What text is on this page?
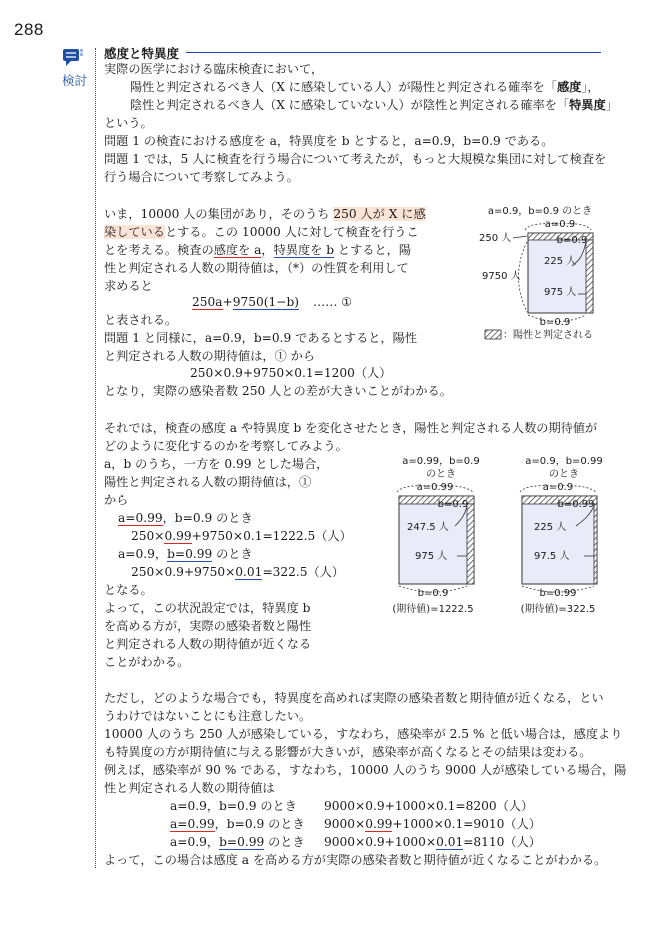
288
検討
感度と特異度
実際の医学における臨床検査において，
陽性と判定されるべき人（X に感染している人）が陽性と判定される確率を「感度」，
陰性と判定されるべき人（X に感染していない人）が陰性と判定される確率を「特異度」
という。
問題 1 の検査における感度を a，特異度を b とすると，a=0.9，b=0.9 である。
問題 1 では，5 人に検査を行う場合について考えたが，もっと大規模な集団に対して検査を
行う場合について考察してみよう。
いま，10000 人の集団があり，そのうち 250 人が X に感
染しているとする。この 10000 人に対して検査を行うこ
とを考える。検査の感度を a，特異度を b とすると，陽
性と判定される人数の期待値は，（*）の性質を利用して
求めると
250a+9750(1−b) …… ①
と表される。
問題 1 と同様に，a=0.9，b=0.9 であるとすると，陽性
と判定される人数の期待値は，① から
250×0.9+9750×0.1=1200（人）
となり，実際の感染者数 250 人との差が大きいことがわかる。
a=0.9，b=0.9 のとき
a=0.9
b=0.9
250 人
9750 人
225 人
975 人
b=0.9
：陽性と判定される
それでは，検査の感度 a や特異度 b を変化させたとき，陽性と判定される人数の期待値が
どのように変化するのかを考察してみよう。
a，b のうち，一方を 0.99 とした場合，
陽性と判定される人数の期待値は，①
から
a=0.99，b=0.9 のとき
250×0.99+9750×0.1=1222.5（人）
a=0.9，b=0.99 のとき
250×0.9+9750×0.01=322.5（人）
となる。
よって，この状況設定では，特異度 b
を高める方が，実際の感染者数と陽性
と判定される人数の期待値が近くなる
ことがわかる。
a=0.99，b=0.9
のとき
a=0.99
b=0.9
247.5 人
975 人
b=0.9
(期待値)=1222.5
a=0.9，b=0.99
のとき
a=0.9
b=0.99
225 人
97.5 人
b=0.99
(期待値)=322.5
ただし，どのような場合でも，特異度を高めれば実際の感染者数と期待値が近くなる，とい
うわけではないことにも注意したい。
10000 人のうち 250 人が感染している，すなわち，感染率が 2.5 % と低い場合は，感度より
も特異度の方が期待値に与える影響が大きいが，感染率が高くなるとその結果は変わる。
例えば，感染率が 90 % である，すなわち，10000 人のうち 9000 人が感染している場合，陽
性と判定される人数の期待値は
a=0.9，b=0.9 のとき 9000×0.9+1000×0.1=8200（人）
a=0.99，b=0.9 のとき 9000×0.99+1000×0.1=9010（人）
a=0.9，b=0.99 のとき 9000×0.9+1000×0.01=8110（人）
よって，この場合は感度 a を高める方が実際の感染者数と期待値が近くなることがわかる。
